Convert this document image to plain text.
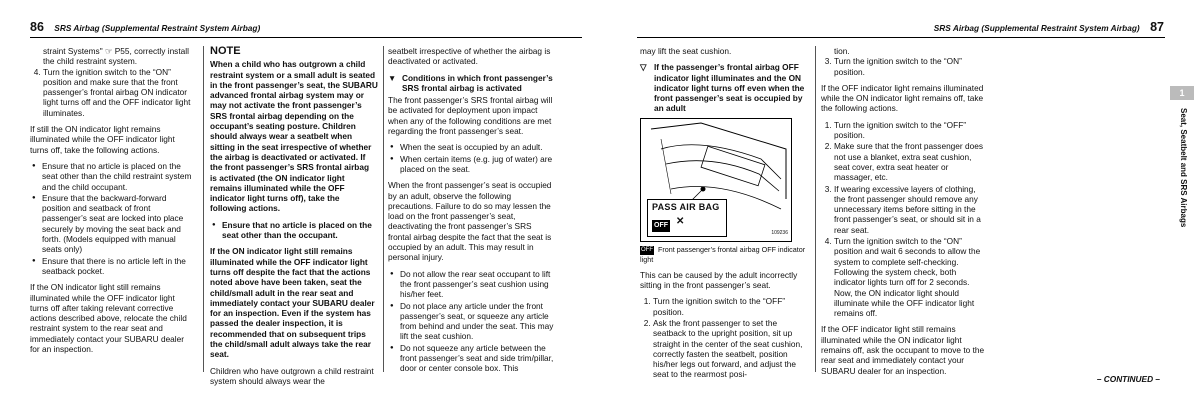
86 SRS Airbag (Supplemental Restraint System Airbag)
straint Systems" ☞ P55, correctly install the child restraint system.
4. Turn the ignition switch to the “ON” position and make sure that the front passenger’s frontal airbag ON indicator light turns off and the OFF indicator light illuminates.

If still the ON indicator light remains illuminated while the OFF indicator light turns off, take the following actions.

● Ensure that no article is placed on the seat other than the child restraint system and the child occupant.
● Ensure that the backward-forward position and seatback of front passenger’s seat are locked into place securely by moving the seat back and forth. (Models equipped with manual seats only)
● Ensure that there is no article left in the seatback pocket.

If the ON indicator light still remains illuminated while the OFF indicator light turns off after taking relevant corrective actions described above, relocate the child restraint system to the rear seat and immediately contact your SUBARU dealer for an inspection.

NOTE

When a child who has outgrown a child restraint system or a small adult is seated in the front passenger’s seat, the SUBARU advanced frontal airbag system may or may not activate the front passenger’s SRS frontal airbag depending on the occupant’s seating posture. Children should always wear a seatbelt when sitting in the seat irrespective of whether the airbag is deactivated or activated. If the front passenger’s SRS frontal airbag is activated (the ON indicator light remains illuminated while the OFF indicator light turns off), take the following actions.

● Ensure that no article is placed on the seat other than the occupant.

If the ON indicator light still remains illuminated while the OFF indicator light turns off despite the fact that the actions noted above have been taken, seat the child/small adult in the rear seat and immediately contact your SUBARU dealer for an inspection. Even if the system has passed the dealer inspection, it is recommended that on subsequent trips the child/small adult always take the rear seat.

Children who have outgrown a child restraint system should always wear the

seatbelt irrespective of whether the airbag is deactivated or activated.

▼ Conditions in which front passenger’s SRS frontal airbag is activated

The front passenger’s SRS frontal airbag will be activated for deployment upon impact when any of the following conditions are met regarding the front passenger’s seat.

● When the seat is occupied by an adult.
● When certain items (e.g. jug of water) are placed on the seat.

When the front passenger’s seat is occupied by an adult, observe the following precautions. Failure to do so may lessen the load on the front passenger’s seat, deactivating the front passenger’s SRS frontal airbag despite the fact that the seat is occupied by an adult. This may result in personal injury.

● Do not allow the rear seat occupant to lift the front passenger’s seat cushion using his/her feet.
● Do not place any article under the front passenger’s seat, or squeeze any article from behind and under the seat. This may lift the seat cushion.
● Do not squeeze any article between the front passenger’s seat and side trim/pillar, door or center console box. This
SRS Airbag (Supplemental Restraint System Airbag) 87

may lift the seat cushion.

▽ If the passenger’s frontal airbag OFF indicator light illuminates and the ON indicator light turns off even when the front passenger’s seat is occupied by an adult
PASS AIR BAG
OFF ✕
109236
OFF Front passenger’s frontal airbag OFF indicator light

This can be caused by the adult incorrectly sitting in the front passenger’s seat.

1. Turn the ignition switch to the “OFF” position.
2. Ask the front passenger to set the seatback to the upright position, sit up straight in the center of the seat cushion, correctly fasten the seatbelt, position his/her legs out forward, and adjust the seat to the rearmost posi-
tion.
3. Turn the ignition switch to the “ON” position.

If the OFF indicator light remains illuminated while the ON indicator light remains off, take the following actions.

1. Turn the ignition switch to the “OFF” position.
2. Make sure that the front passenger does not use a blanket, extra seat cushion, seat cover, extra seat heater or massager, etc.
3. If wearing excessive layers of clothing, the front passenger should remove any unnecessary items before sitting in the front passenger’s seat, or should sit in a rear seat.
4. Turn the ignition switch to the “ON” position and wait 6 seconds to allow the system to complete self-checking. Following the system check, both indicator lights turn off for 2 seconds. Now, the ON indicator light should illuminate while the OFF indicator light remains off.

If the OFF indicator light still remains illuminated while the ON indicator light remains off, ask the occupant to move to the rear seat and immediately contact your SUBARU dealer for an inspection.

1
Seat, Seatbelt and SRS Airbags
– CONTINUED –
